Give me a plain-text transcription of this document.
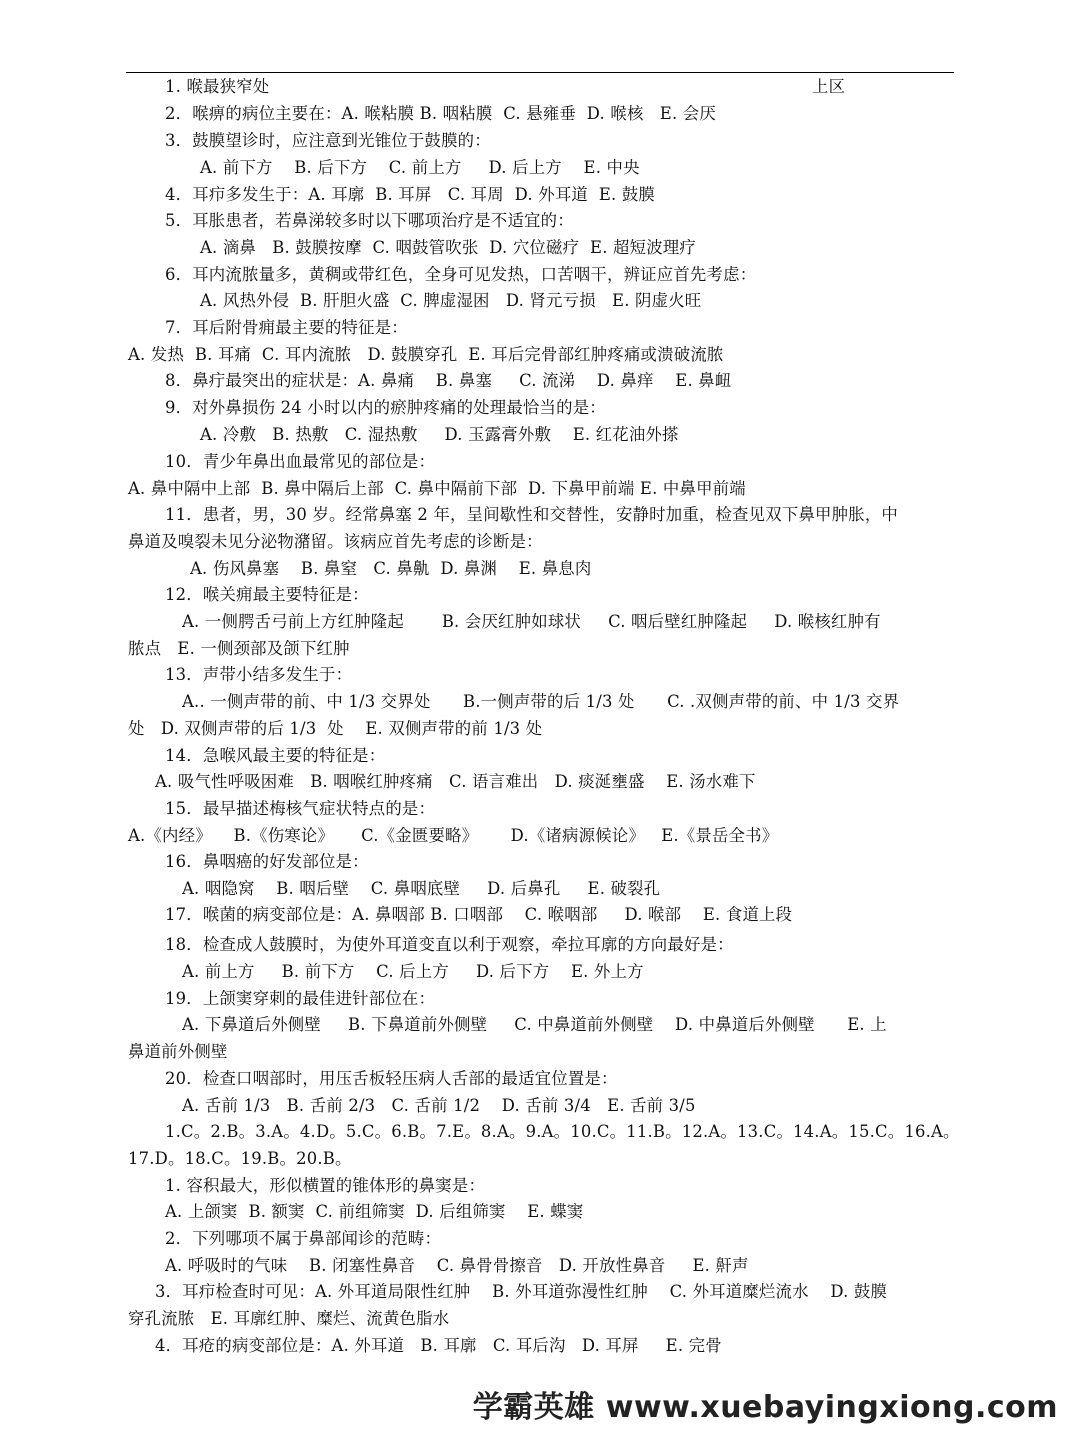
上区
1. 喉最狭窄处
2．喉痹的病位主要在：A. 喉粘膜 B. 咽粘膜  C. 悬雍垂  D. 喉核   E. 会厌
3．鼓膜望诊时，应注意到光锥位于鼓膜的：
A. 前下方    B. 后下方    C. 前上方     D. 后上方    E. 中央
4．耳疖多发生于：A. 耳廓  B. 耳屏   C. 耳周  D. 外耳道  E. 鼓膜
5．耳胀患者，若鼻涕较多时以下哪项治疗是不适宜的：
A. 滴鼻   B. 鼓膜按摩  C. 咽鼓管吹张  D. 穴位磁疗  E. 超短波理疗
6．耳内流脓量多，黄稠或带红色，全身可见发热，口苦咽干，辨证应首先考虑：
A. 风热外侵  B. 肝胆火盛  C. 脾虚湿困   D. 肾元亏损   E. 阴虚火旺
7．耳后附骨痈最主要的特征是：
A. 发热  B. 耳痛  C. 耳内流脓   D. 鼓膜穿孔  E. 耳后完骨部红肿疼痛或溃破流脓
8．鼻疔最突出的症状是：A. 鼻痛    B. 鼻塞     C. 流涕    D. 鼻痒    E. 鼻衄
9．对外鼻损伤 24 小时以内的瘀肿疼痛的处理最恰当的是：
A. 冷敷   B. 热敷   C. 湿热敷     D. 玉露膏外敷    E. 红花油外搽
10．青少年鼻出血最常见的部位是：
A. 鼻中隔中上部  B. 鼻中隔后上部  C. 鼻中隔前下部  D. 下鼻甲前端 E. 中鼻甲前端
11．患者，男，30 岁。经常鼻塞 2 年，呈间歇性和交替性，安静时加重，检查见双下鼻甲肿胀，中
鼻道及嗅裂未见分泌物潴留。该病应首先考虑的诊断是：
A. 伤风鼻塞    B. 鼻窒   C. 鼻鼽  D. 鼻渊    E. 鼻息肉
12．喉关痈最主要特征是：
A. 一侧腭舌弓前上方红肿隆起       B. 会厌红肿如球状     C. 咽后壁红肿隆起     D. 喉核红肿有
脓点   E. 一侧颈部及颌下红肿
13．声带小结多发生于：
A.. 一侧声带的前、中 1/3 交界处      B.一侧声带的后 1/3 处      C. .双侧声带的前、中 1/3 交界
处   D. 双侧声带的后 1/3  处    E. 双侧声带的前 1/3 处
14．急喉风最主要的特征是：
A. 吸气性呼吸困难   B. 咽喉红肿疼痛   C. 语言难出   D. 痰涎壅盛    E. 汤水难下
15．最早描述梅核气症状特点的是：
A.《内经》    B.《伤寒论》     C.《金匮要略》      D.《诸病源候论》   E.《景岳全书》
16．鼻咽癌的好发部位是：
A. 咽隐窝    B. 咽后壁    C. 鼻咽底壁     D. 后鼻孔     E. 破裂孔
17．喉菌的病变部位是：A. 鼻咽部 B. 口咽部    C. 喉咽部     D. 喉部    E. 食道上段
18．检查成人鼓膜时，为使外耳道变直以利于观察，牵拉耳廓的方向最好是：
A. 前上方     B. 前下方    C. 后上方     D. 后下方    E. 外上方
19．上颌窦穿刺的最佳进针部位在：
A. 下鼻道后外侧壁     B. 下鼻道前外侧壁     C. 中鼻道前外侧壁    D. 中鼻道后外侧壁      E. 上
鼻道前外侧壁
20．检查口咽部时，用压舌板轻压病人舌部的最适宜位置是：
A. 舌前 1/3   B. 舌前 2/3   C. 舌前 1/2    D. 舌前 3/4   E. 舌前 3/5
1.C。2.B。3.A。4.D。5.C。6.B。7.E。8.A。9.A。10.C。11.B。12.A。13.C。14.A。15.C。16.A。
17.D。18.C。19.B。20.B。
1. 容积最大，形似横置的锥体形的鼻窦是：
A. 上颌窦  B. 额窦  C. 前组筛窦  D. 后组筛窦    E. 蝶窦
2．下列哪项不属于鼻部闻诊的范畴：
A. 呼吸时的气味    B. 闭塞性鼻音    C. 鼻骨骨擦音   D. 开放性鼻音     E. 鼾声
3．耳疖检查时可见：A. 外耳道局限性红肿    B. 外耳道弥漫性红肿    C. 外耳道糜烂流水    D. 鼓膜
穿孔流脓   E. 耳廓红肿、糜烂、流黄色脂水
4．耳疮的病变部位是：A. 外耳道   B. 耳廓   C. 耳后沟   D. 耳屏     E. 完骨
学霸英雄 www.xuebayingxiong.com
